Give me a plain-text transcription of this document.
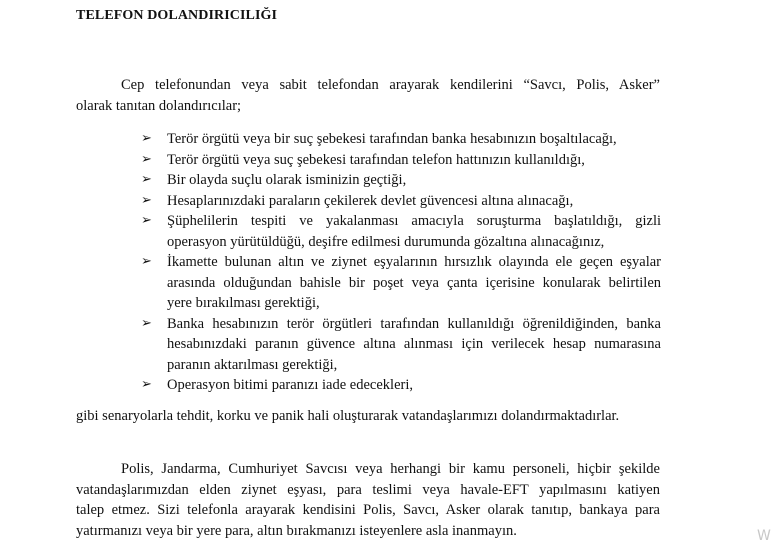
TELEFON DOLANDIRICILIĞI
Cep telefonundan veya sabit telefondan arayarak kendilerini “Savcı, Polis, Asker”
olarak tanıtan dolandırıcılar;
➢ Terör örgütü veya bir suç şebekesi tarafından banka hesabınızın boşaltılacağı,
➢ Terör örgütü veya suç şebekesi tarafından telefon hattınızın kullanıldığı,
➢ Bir olayda suçlu olarak isminizin geçtiği,
➢ Hesaplarınızdaki paraların çekilerek devlet güvencesi altına alınacağı,
➢ Şüphelilerin tespiti ve yakalanması amacıyla soruşturma başlatıldığı, gizli
operasyon yürütüldüğü, deşifre edilmesi durumunda gözaltına alınacağınız,
➢ İkamette bulunan altın ve ziynet eşyalarının hırsızlık olayında ele geçen eşyalar
arasında olduğundan bahisle bir poşet veya çanta içerisine konularak belirtilen
yere bırakılması gerektiği,
➢ Banka hesabınızın terör örgütleri tarafından kullanıldığı öğrenildiğinden, banka
hesabınızdaki paranın güvence altına alınması için verilecek hesap numarasına
paranın aktarılması gerektiği,
➢ Operasyon bitimi paranızı iade edecekleri,
gibi senaryolarla tehdit, korku ve panik hali oluşturarak vatandaşlarımızı dolandırmaktadırlar.
Polis, Jandarma, Cumhuriyet Savcısı veya herhangi bir kamu personeli, hiçbir şekilde
vatandaşlarımızdan elden ziynet eşyası, para teslimi veya havale-EFT yapılmasını katiyen
talep etmez. Sizi telefonla arayarak kendisini Polis, Savcı, Asker olarak tanıtıp, bankaya para
yatırmanızı veya bir yere para, altın bırakmanızı isteyenlere asla inanmayın.	W
